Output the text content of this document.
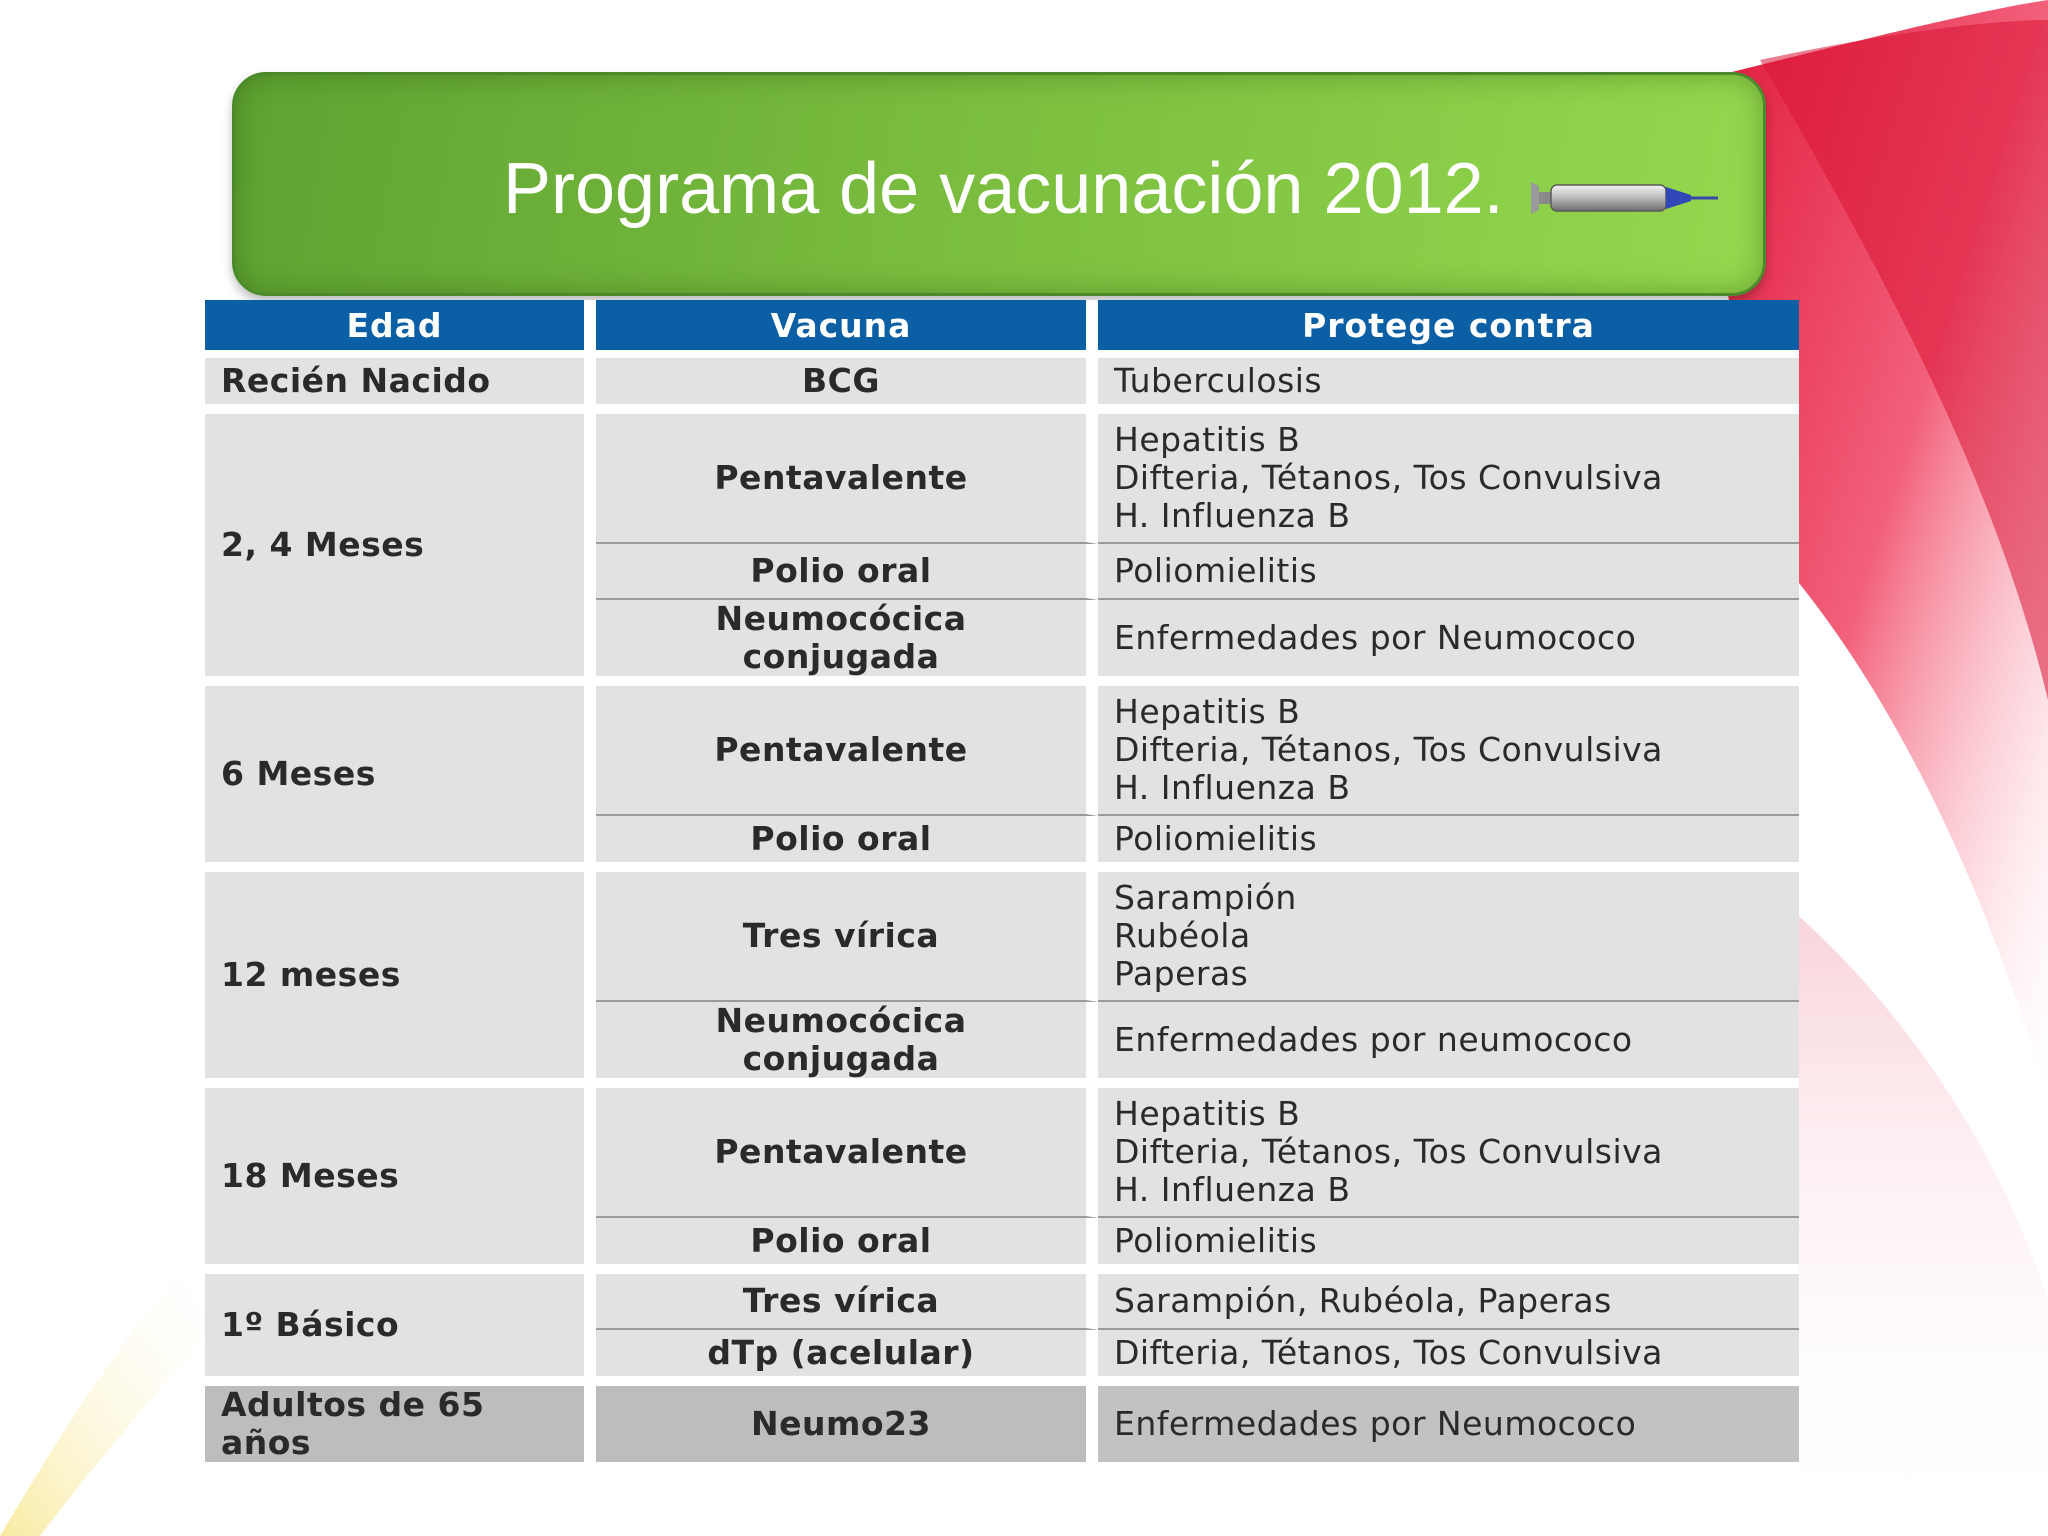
Programa de vacunación 2012.
Edad	Vacuna	Protege contra
Recién Nacido	BCG	Tuberculosis

2, 4 Meses	Pentavalente	Hepatitis B
Difteria, Tétanos, Tos Convulsiva
H. Influenza B

	Polio oral	Poliomielitis

	Neumocócica conjugada	Enfermedades por Neumococo

6 Meses	Pentavalente	Hepatitis B
Difteria, Tétanos, Tos Convulsiva
H. Influenza B

	Polio oral	Poliomielitis

12 meses	Tres vírica	Sarampión
Rubéola
Paperas

	Neumocócica conjugada	Enfermedades por neumococo

18 Meses	Pentavalente	Hepatitis B
Difteria, Tétanos, Tos Convulsiva
H. Influenza B

	Polio oral	Poliomielitis

1º Básico	Tres vírica	Sarampión, Rubéola, Paperas

	dTp (acelular)	Difteria, Tétanos, Tos Convulsiva

Adultos de 65 años	Neumo23	Enfermedades por Neumococo
